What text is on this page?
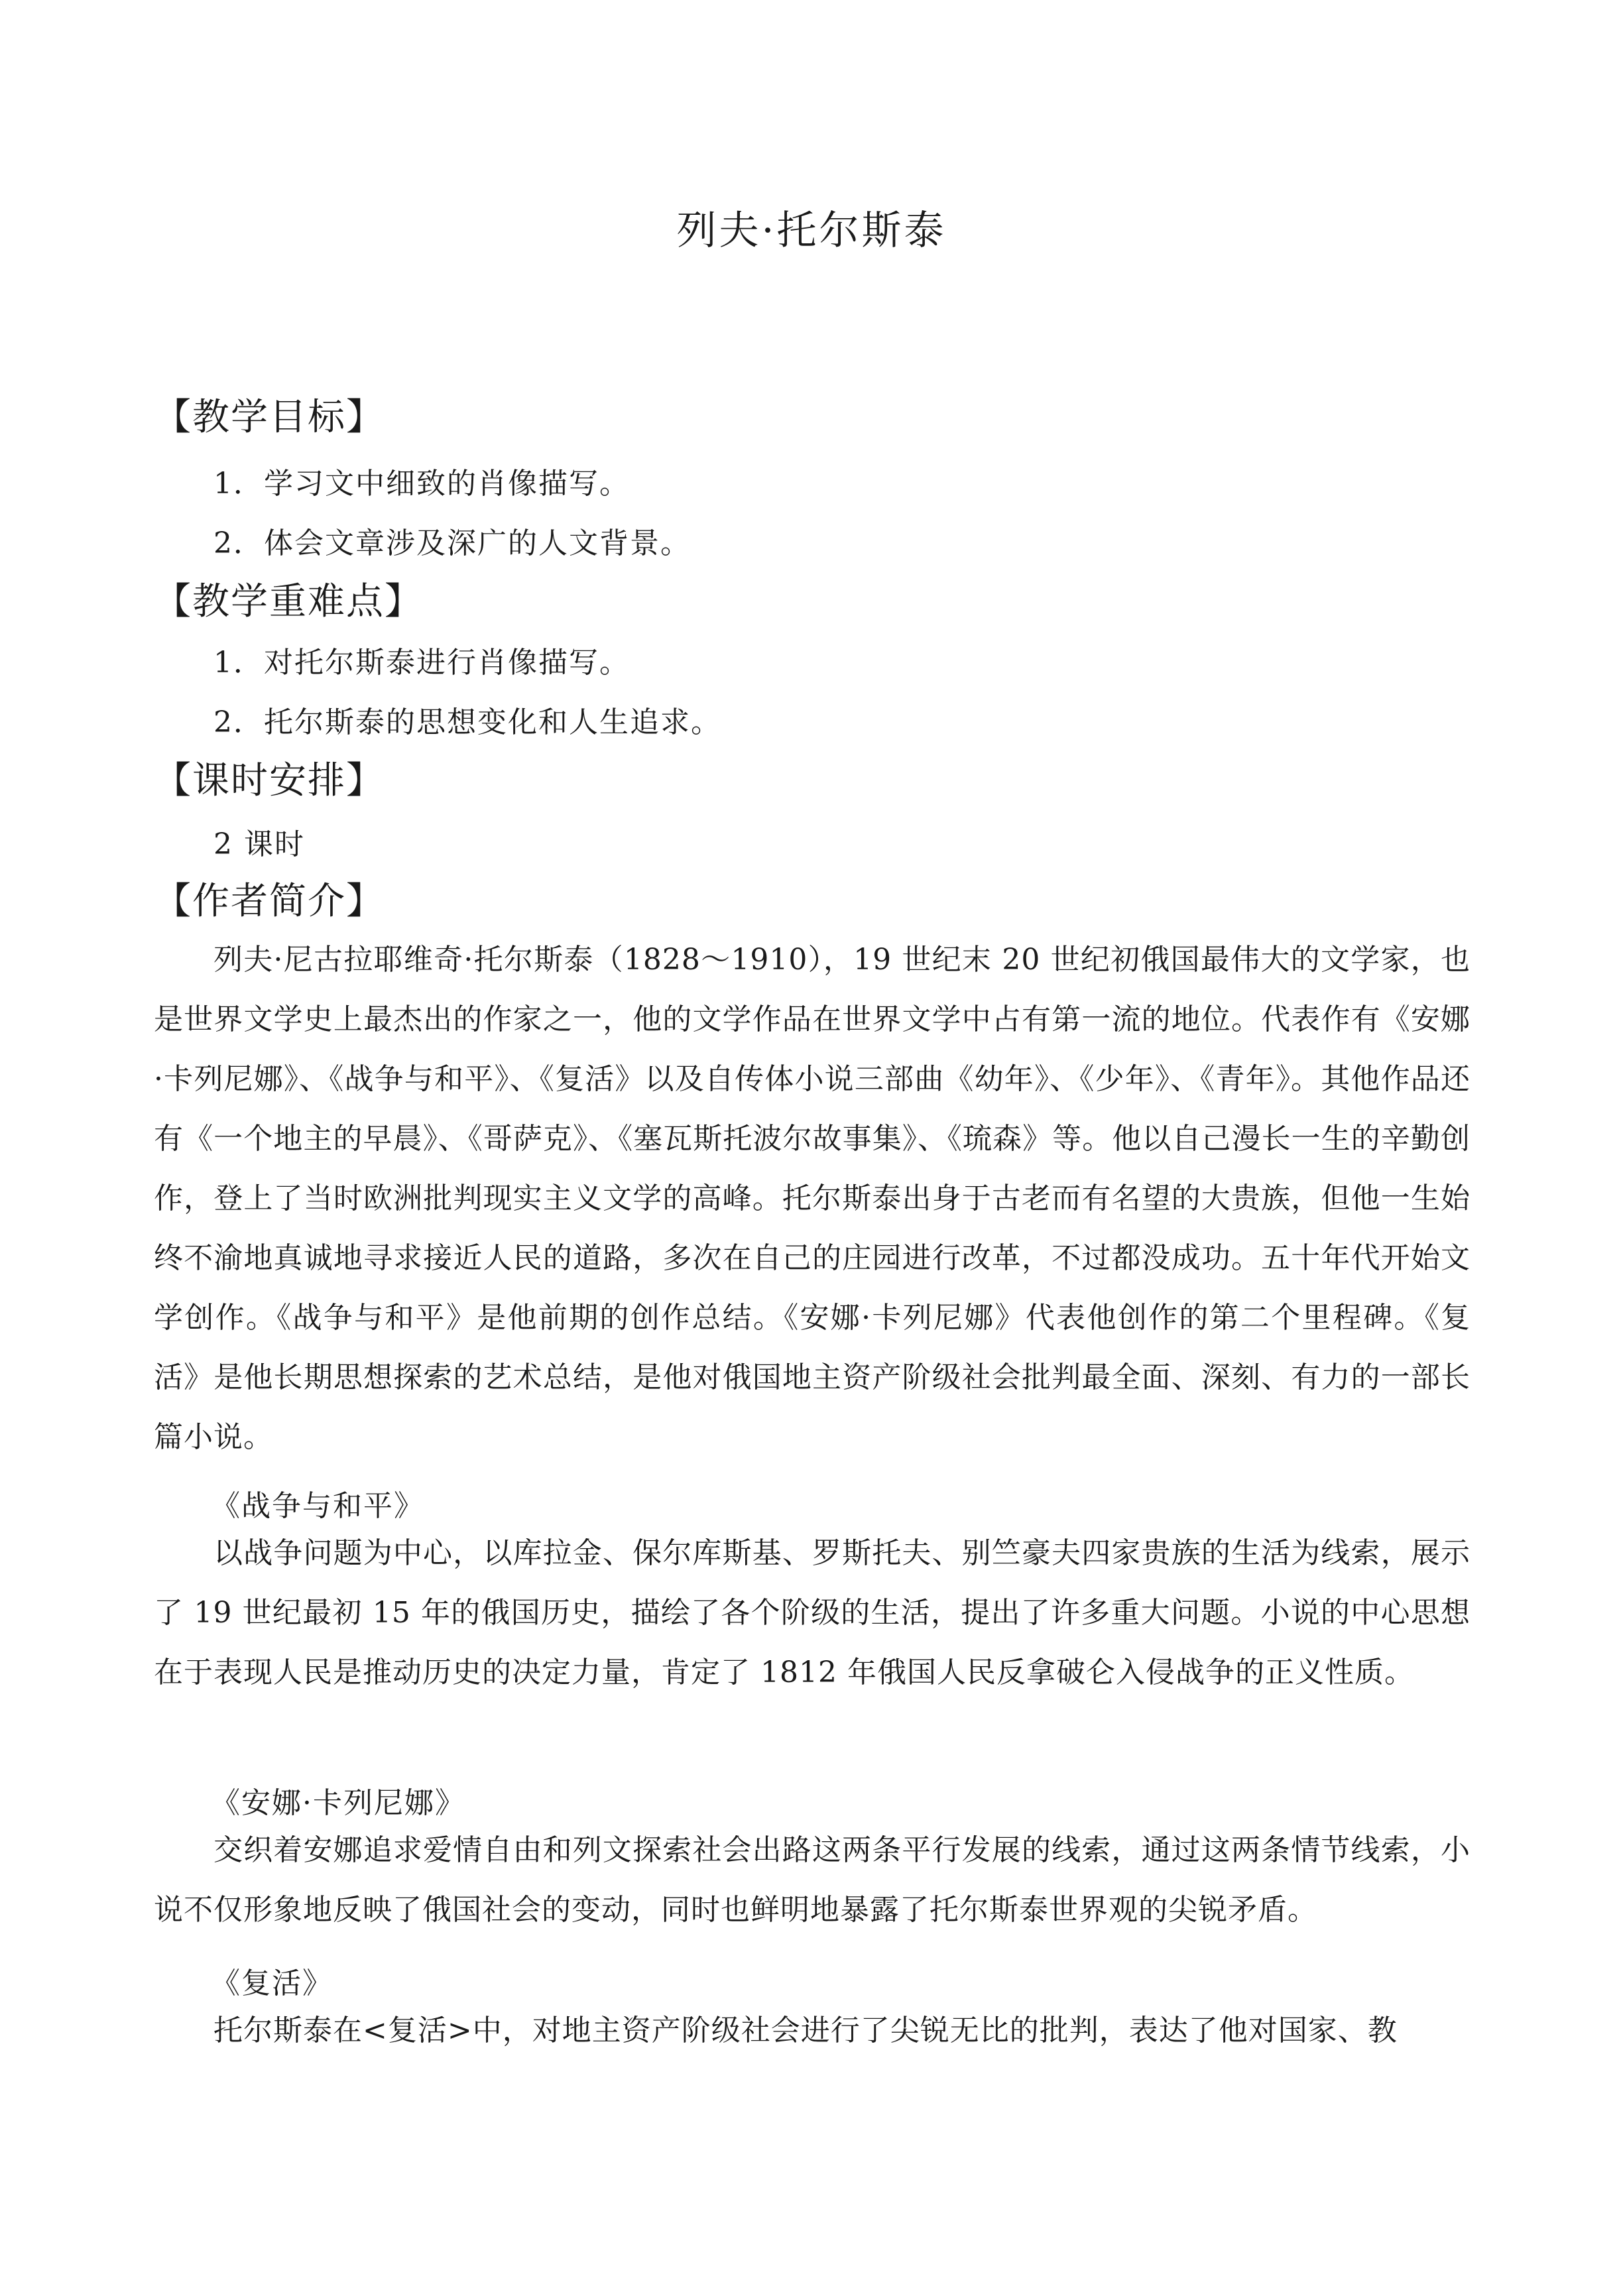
列夫·托尔斯泰
【教学目标】
1．学习文中细致的肖像描写。
2．体会文章涉及深广的人文背景。
【教学重难点】
1．对托尔斯泰进行肖像描写。
2．托尔斯泰的思想变化和人生追求。
【课时安排】
2 课时
【作者简介】

列夫·尼古拉耶维奇·托尔斯泰（1828～1910），19 世纪末 20 世纪初俄国最伟大的文学家，也是世界文学史上最杰出的作家之一，他的文学作品在世界文学中占有第一流的地位。代表作有《安娜·卡列尼娜》、《战争与和平》、《复活》以及自传体小说三部曲《幼年》、《少年》、《青年》。其他作品还有《一个地主的早晨》、《哥萨克》、《塞瓦斯托波尔故事集》、《琉森》等。他以自己漫长一生的辛勤创作，登上了当时欧洲批判现实主义文学的高峰。托尔斯泰出身于古老而有名望的大贵族，但他一生始终不渝地真诚地寻求接近人民的道路，多次在自己的庄园进行改革，不过都没成功。五十年代开始文学创作。《战争与和平》是他前期的创作总结。《安娜·卡列尼娜》代表他创作的第二个里程碑。《复活》是他长期思想探索的艺术总结，是他对俄国地主资产阶级社会批判最全面、深刻、有力的一部长篇小说。

《战争与和平》

以战争问题为中心，以库拉金、保尔库斯基、罗斯托夫、别竺豪夫四家贵族的生活为线索，展示了 19 世纪最初 15 年的俄国历史，描绘了各个阶级的生活，提出了许多重大问题。小说的中心思想在于表现人民是推动历史的决定力量，肯定了 1812 年俄国人民反拿破仑入侵战争的正义性质。

《安娜·卡列尼娜》

交织着安娜追求爱情自由和列文探索社会出路这两条平行发展的线索，通过这两条情节线索，小说不仅形象地反映了俄国社会的变动，同时也鲜明地暴露了托尔斯泰世界观的尖锐矛盾。

《复活》

托尔斯泰在<复活>中，对地主资产阶级社会进行了尖锐无比的批判，表达了他对国家、教
